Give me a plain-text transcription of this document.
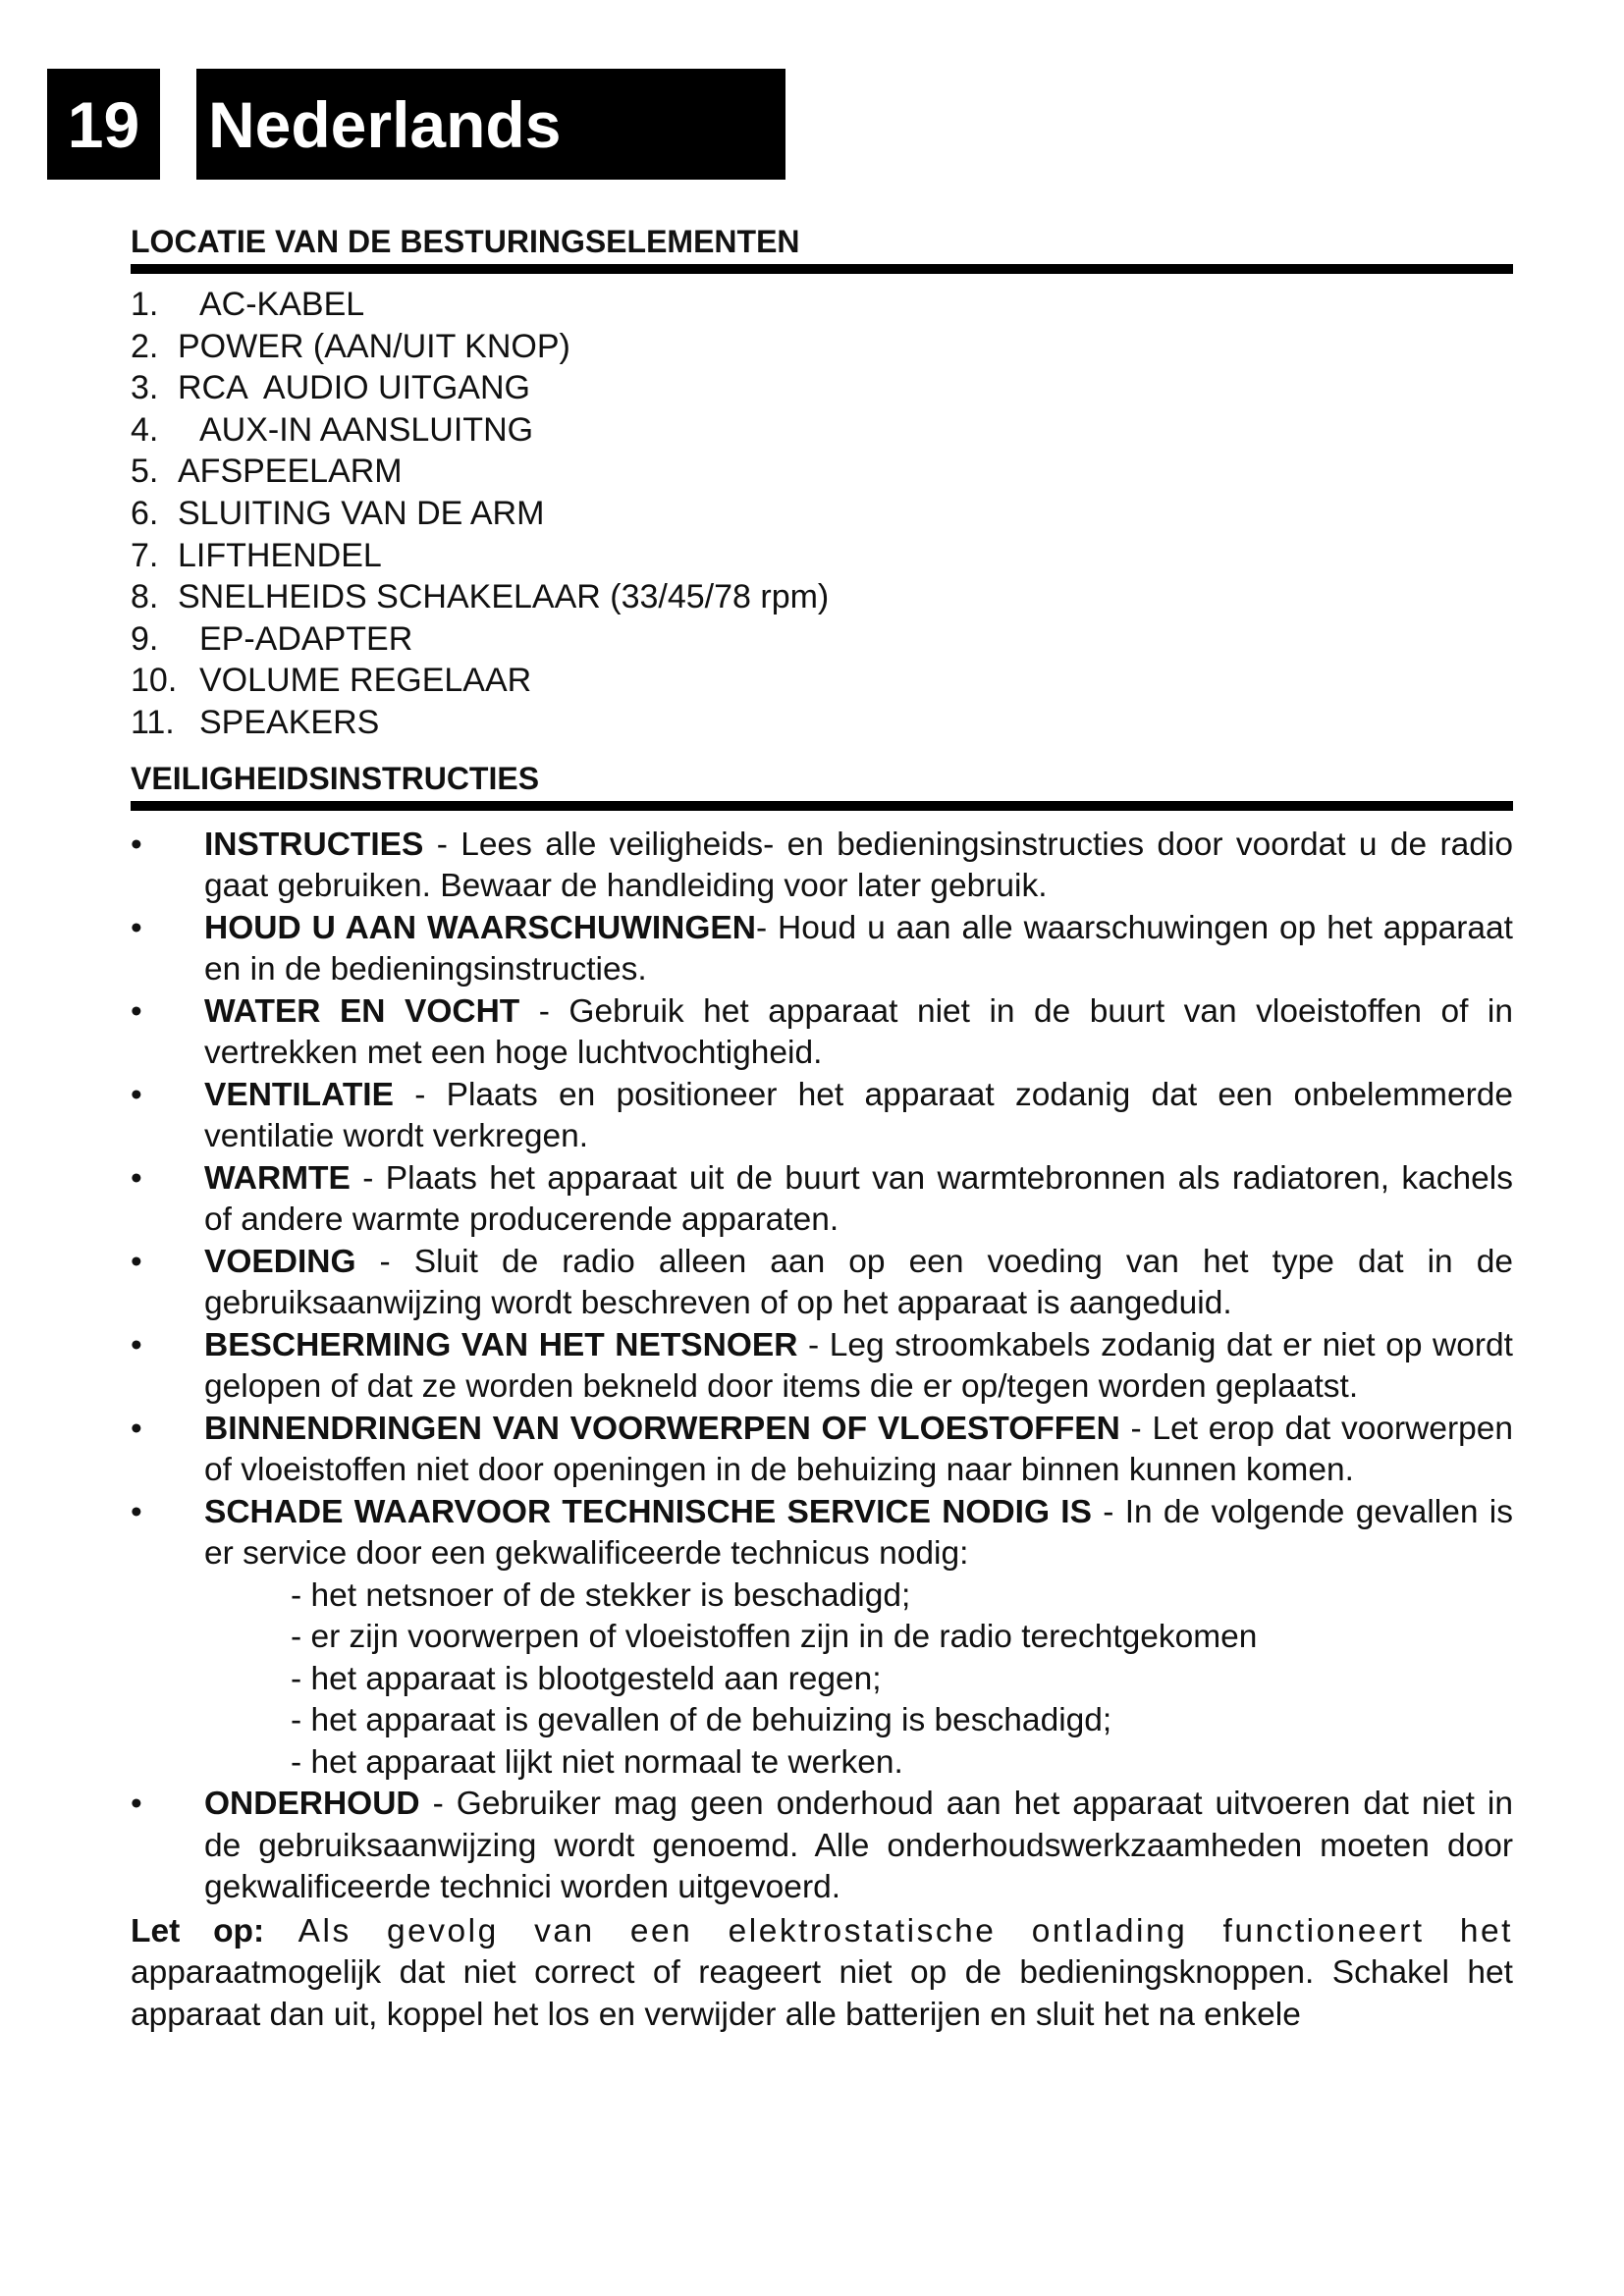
19	Nederlands
LOCATIE VAN DE BESTURINGSELEMENTEN
1.	AC-KABEL
2. POWER (AAN/UIT KNOP)
3. RCA  AUDIO UITGANG
4.	AUX-IN AANSLUITNG
5. AFSPEELARM
6. SLUITING VAN DE ARM
7. LIFTHENDEL
8. SNELHEIDS SCHAKELAAR (33/45/78 rpm)
9.	EP-ADAPTER
10. VOLUME REGELAAR
11. SPEAKERS
VEILIGHEIDSINSTRUCTIES
•	INSTRUCTIES - Lees alle veiligheids- en bedieningsinstructies door voordat u de radio gaat gebruiken. Bewaar de handleiding voor later gebruik.
•	HOUD U AAN WAARSCHUWINGEN- Houd u aan alle waarschuwingen op het apparaat en in de bedieningsinstructies.
•	WATER EN VOCHT - Gebruik het apparaat niet in de buurt van vloeistoffen of in vertrekken met een hoge luchtvochtigheid.
•	VENTILATIE - Plaats en positioneer het apparaat zodanig dat een onbelemmerde ventilatie wordt verkregen.
•	WARMTE - Plaats het apparaat uit de buurt van warmtebronnen als radiatoren, kachels of andere warmte producerende apparaten.
•	VOEDING - Sluit de radio alleen aan op een voeding van het type dat in de gebruiksaanwijzing wordt beschreven of op het apparaat is aangeduid.
•	BESCHERMING VAN HET NETSNOER - Leg stroomkabels zodanig dat er niet op wordt gelopen of dat ze worden bekneld door items die er op/tegen worden geplaatst.
•	BINNENDRINGEN VAN VOORWERPEN OF VLOESTOFFEN - Let erop dat voorwerpen of vloeistoffen niet door openingen in de behuizing naar binnen kunnen komen.
•	SCHADE WAARVOOR TECHNISCHE SERVICE NODIG IS - In de volgende gevallen is er service door een gekwalificeerde technicus nodig:
- het netsnoer of de stekker is beschadigd;
- er zijn voorwerpen of vloeistoffen zijn in de radio terechtgekomen
- het apparaat is blootgesteld aan regen;
- het apparaat is gevallen of de behuizing is beschadigd;
- het apparaat lijkt niet normaal te werken.
•	ONDERHOUD - Gebruiker mag geen onderhoud aan het apparaat uitvoeren dat niet in de gebruiksaanwijzing wordt genoemd. Alle onderhoudswerkzaamheden moeten door gekwalificeerde technici worden uitgevoerd.
Let op: Als gevolg van een elektrostatische ontlading functioneert het apparaatmogelijk dat niet correct of reageert niet op de bedieningsknoppen. Schakel het apparaat dan uit, koppel het los en verwijder alle batterijen en sluit het na enkele
